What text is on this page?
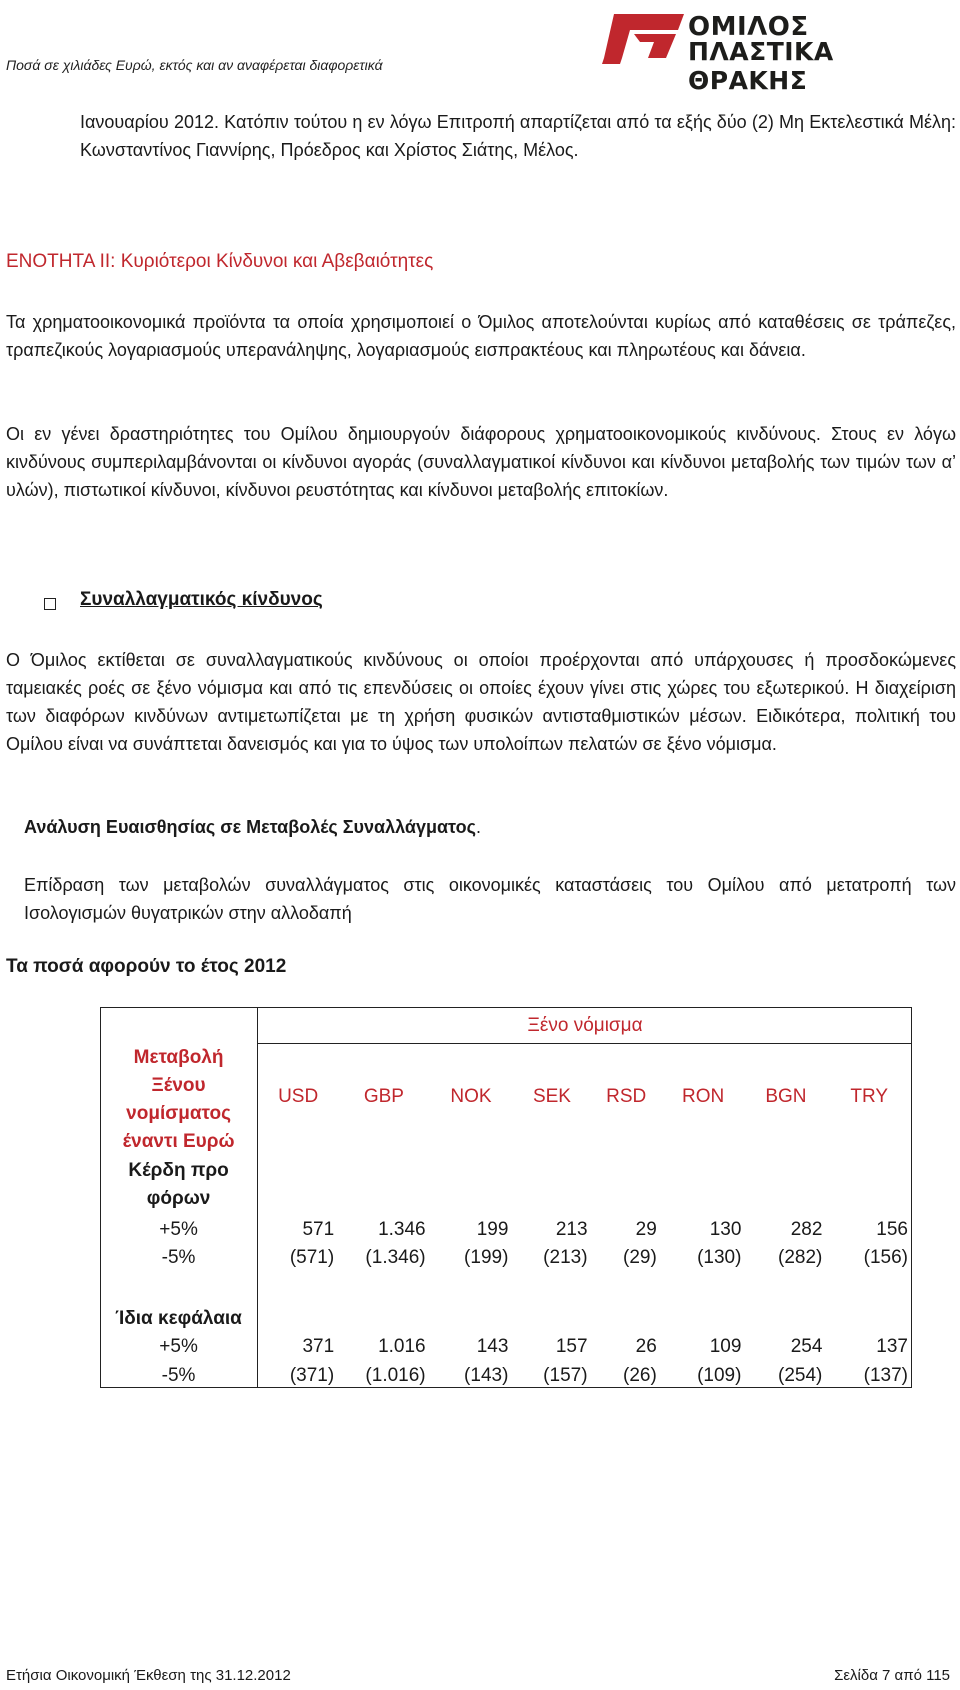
Ποσά σε χιλιάδες Ευρώ, εκτός και αν αναφέρεται διαφορετικά
ΟΜΙΛΟΣ
ΠΛΑΣΤΙΚΑ ΘΡΑΚΗΣ
Ιανουαρίου 2012. Κατόπιν τούτου η εν λόγω Επιτροπή απαρτίζεται από τα εξής δύο (2) Μη Εκτελεστικά Μέλη: Κωνσταντίνος Γιαννίρης, Πρόεδρος και Χρίστος Σιάτης, Μέλος.
ΕΝΟΤΗΤΑ ΙΙ: Κυριότεροι Κίνδυνοι και Αβεβαιότητες
Τα χρηματοοικονομικά προϊόντα τα οποία χρησιμοποιεί ο Όμιλος αποτελούνται κυρίως από καταθέσεις σε τράπεζες, τραπεζικούς λογαριασμούς υπερανάληψης, λογαριασμούς εισπρακτέους και πληρωτέους και δάνεια.
Οι εν γένει δραστηριότητες του Ομίλου δημιουργούν διάφορους χρηματοοικονομικούς κινδύνους. Στους εν λόγω κινδύνους συμπεριλαμβάνονται οι κίνδυνοι αγοράς (συναλλαγματικοί κίνδυνοι και κίνδυνοι μεταβολής των τιμών των α’ υλών), πιστωτικοί κίνδυνοι, κίνδυνοι ρευστότητας και κίνδυνοι μεταβολής επιτοκίων.
Συναλλαγματικός κίνδυνος
Ο Όμιλος εκτίθεται σε συναλλαγματικούς κινδύνους οι οποίοι προέρχονται από υπάρχουσες ή προσδοκώμενες ταμειακές ροές σε ξένο νόμισμα και από τις επενδύσεις οι οποίες έχουν γίνει στις χώρες του εξωτερικού. Η διαχείριση των διαφόρων κινδύνων αντιμετωπίζεται με τη χρήση φυσικών αντισταθμιστικών μέσων. Ειδικότερα, πολιτική του Ομίλου είναι να συνάπτεται δανεισμός και για το ύψος των υπολοίπων πελατών σε ξένο νόμισμα.
Ανάλυση Ευαισθησίας σε Μεταβολές Συναλλάγματος.
Επίδραση των μεταβολών συναλλάγματος στις οικονομικές καταστάσεις του Ομίλου από μετατροπή των Ισολογισμών θυγατρικών στην αλλοδαπή
Τα ποσά αφορούν το έτος 2012
	Ξένο νόμισμα							

Μεταβολή
Ξένου
νομίσματος
έναντι Ευρώ	USD	GBP	NOK	SEK	RSD	RON	BGN	TRY

Κέρδη προ
φόρων								

+5%	571	1.346	199	213	29	130	282	156
-5%	(571)	(1.346)	(199)	(213)	(29)	(130)	(282)	(156)
Ίδια κεφάλαια								
+5%	371	1.016	143	157	26	109	254	137
-5%	(371)	(1.016)	(143)	(157)	(26)	(109)	(254)	(137)
Ετήσια Οικονομική Έκθεση της 31.12.2012	Σελίδα 7 από 115
